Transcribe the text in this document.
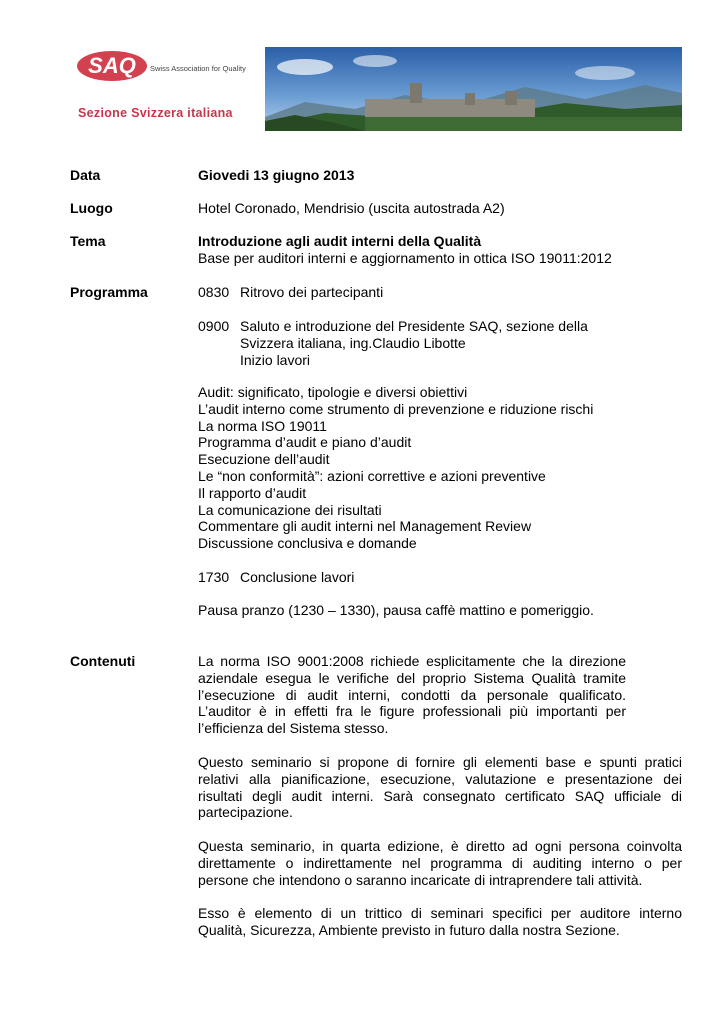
SAQ Swiss Association for Quality
Sezione Svizzera italiana
Data	Giovedi 13 giugno 2013
Luogo	Hotel Coronado, Mendrisio (uscita autostrada A2)
Tema	Introduzione agli audit interni della Qualità
Base per auditori interni e aggiornamento in ottica ISO 19011:2012
Programma	0830 Ritrovo dei partecipanti
0900 Saluto e introduzione del Presidente SAQ, sezione della
Svizzera italiana, ing.Claudio Libotte
Inizio lavori
Audit: significato, tipologie e diversi obiettivi
L’audit interno come strumento di prevenzione e riduzione rischi
La norma ISO 19011
Programma d’audit e piano d’audit
Esecuzione dell’audit
Le “non conformità”: azioni correttive e azioni preventive
Il rapporto d’audit
La comunicazione dei risultati
Commentare gli audit interni nel Management Review
Discussione conclusiva e domande
1730 Conclusione lavori
Pausa pranzo (1230 – 1330), pausa caffè mattino e pomeriggio.
Contenuti	La norma ISO 9001:2008 richiede esplicitamente che la direzione
aziendale esegua le verifiche del proprio Sistema Qualità tramite
l’esecuzione di audit interni, condotti da personale qualificato.
L’auditor è in effetti fra le figure professionali più importanti per
l’efficienza del Sistema stesso.
Questo seminario si propone di fornire gli elementi base e spunti pratici
relativi alla pianificazione, esecuzione, valutazione e presentazione dei
risultati degli audit interni. Sarà consegnato certificato SAQ ufficiale di
partecipazione.
Questa seminario, in quarta edizione, è diretto ad ogni persona coinvolta
direttamente o indirettamente nel programma di auditing interno o per
persone che intendono o saranno incaricate di intraprendere tali attività.
Esso è elemento di un trittico di seminari specifici per auditore interno
Qualità, Sicurezza, Ambiente previsto in futuro dalla nostra Sezione.
